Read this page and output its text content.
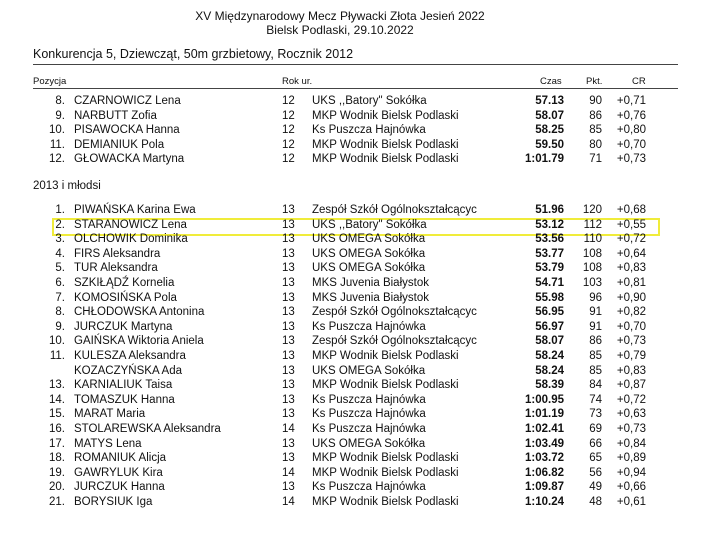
XV Międzynarodowy Mecz Pływacki Złota Jesień 2022
Bielsk Podlaski, 29.10.2022
Konkurencja 5, Dziewcząt, 50m grzbietowy, Rocznik 2012
Pozycja	Rok ur.	Czas	Pkt.	CR
8. CZARNOWICZ Lena	12 UKS ,,Batory" Sokółka	57.13	90	+0,71
9. NARBUTT Zofia	12 MKP Wodnik Bielsk Podlaski	58.07	86	+0,76
10. PISAWOCKA Hanna	12 Ks Puszcza Hajnówka	58.25	85	+0,80
11. DEMIANIUK Pola	12 MKP Wodnik Bielsk Podlaski	59.50	80	+0,70
12. GŁOWACKA Martyna	12 MKP Wodnik Bielsk Podlaski	1:01.79	71	+0,73
2013 i młodsi
1. PIWAŃSKA Karina Ewa	13 Zespół Szkół Ogólnokształcącyc	51.96	120	+0,68
2. STARANOWICZ Lena	13 UKS ,,Batory" Sokółka	53.12	112	+0,55
3. OLCHOWIK Dominika	13 UKS OMEGA Sokółka	53.56	110	+0,72
4. FIRS Aleksandra	13 UKS OMEGA Sokółka	53.77	108	+0,64
5. TUR Aleksandra	13 UKS OMEGA Sokółka	53.79	108	+0,83
6. SZKIŁĄDŹ Kornelia	13 MKS Juvenia Białystok	54.71	103	+0,81
7. KOMOSIŃSKA Pola	13 MKS Juvenia Białystok	55.98	96	+0,90
8. CHŁODOWSKA Antonina	13 Zespół Szkół Ogólnokształcącyc	56.95	91	+0,82
9. JURCZUK Martyna	13 Ks Puszcza Hajnówka	56.97	91	+0,70
10. GAIŃSKA Wiktoria Aniela	13 Zespół Szkół Ogólnokształcącyc	58.07	86	+0,73
11. KULESZA Aleksandra	13 MKP Wodnik Bielsk Podlaski	58.24	85	+0,79
KOZACZYŃSKA Ada	13 UKS OMEGA Sokółka	58.24	85	+0,83
13. KARNIALIUK Taisa	13 MKP Wodnik Bielsk Podlaski	58.39	84	+0,87
14. TOMASZUK Hanna	13 Ks Puszcza Hajnówka	1:00.95	74	+0,72
15. MARAT Maria	13 Ks Puszcza Hajnówka	1:01.19	73	+0,63
16. STOLAREWSKA Aleksandra	14 Ks Puszcza Hajnówka	1:02.41	69	+0,73
17. MATYS Lena	13 UKS OMEGA Sokółka	1:03.49	66	+0,84
18. ROMANIUK Alicja	13 MKP Wodnik Bielsk Podlaski	1:03.72	65	+0,89
19. GAWRYLUK Kira	14 MKP Wodnik Bielsk Podlaski	1:06.82	56	+0,94
20. JURCZUK Hanna	13 Ks Puszcza Hajnówka	1:09.87	49	+0,66
21. BORYSIUK Iga	14 MKP Wodnik Bielsk Podlaski	1:10.24	48	+0,61
